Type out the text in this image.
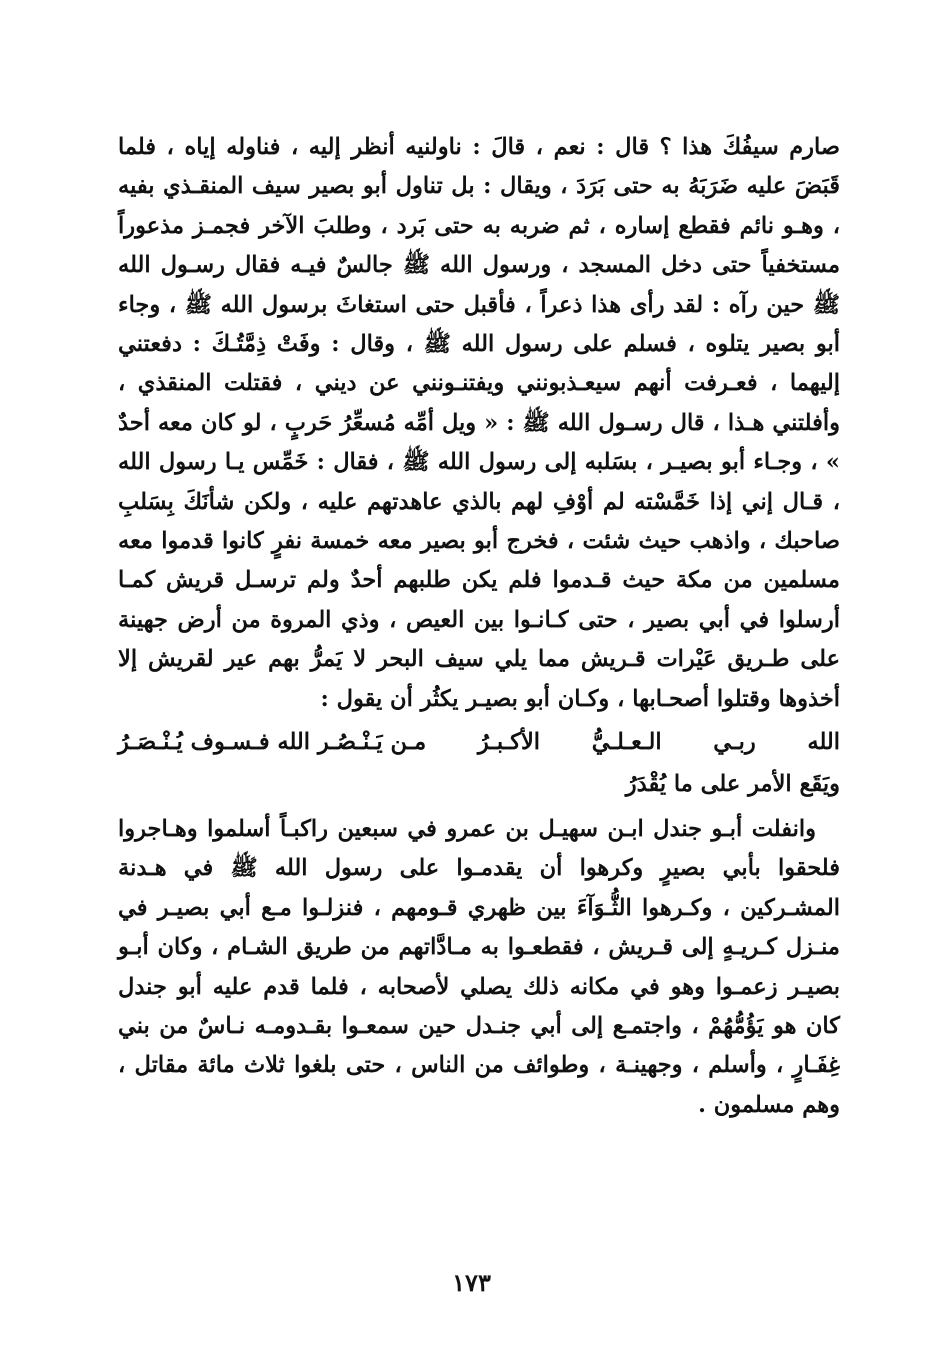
صارم سيفُكَ هذا ؟ قال : نعم ، قالَ : ناولنيه أنظر إليه ، فناوله إياه ، فلما قَبَضَ عليه ضَرَبَهُ به حتى بَرَدَ ، ويقال : بل تناول أبو بصير سيف المنقـذي بفيه ، وهـو نائم فقطع إساره ، ثم ضربه به حتى بَرد ، وطلبَ الآخر فجمـز مذعوراً مستخفياً حتى دخل المسجد ، ورسول الله ﷺ جالسٌ فيـه فقال رسـول الله ﷺ حين رآه : لقد رأى هذا ذعراً ، فأقبل حتى استغاثَ برسول الله ﷺ ، وجاء أبو بصير يتلوه ، فسلم على رسول الله ﷺ ، وقال : وفَتْ ذِمَّتُـكَ : دفعتني إليهما ، فعـرفت أنهم سيعـذبونني ويفتنـونني عن ديني ، فقتلت المنقذي ، وأفلتني هـذا ، قال رسـول الله ﷺ : « ويل أمِّه مُسعِّرُ حَربٍ ، لو كان معه أحدٌ » ، وجـاء أبو بصيـر ، بسَلبه إلى رسول الله ﷺ ، فقال : خَمِّس يـا رسول الله ، قـال إني إذا خَمَّسْته لم أوْفِ لهم بالذي عاهدتهم عليه ، ولكن شأنَكَ بِسَلبِ صاحبك ، واذهب حيث شئت ، فخرج أبو بصير معه خمسة نفرٍ كانوا قدموا معه مسلمين من مكة حيث قـدموا فلم يكن طلبهم أحدٌ ولم ترسـل قريش كمـا أرسلوا في أبي بصير ، حتى كـانـوا بين العيص ، وذي المروة من أرض جهينة على طـريق عَيْرات قـريش مما يلي سيف البحر لا يَمرُّ بهم عير لقريش إلا أخذوها وقتلوا أصحـابها ، وكـان أبو بصيـر يكثُر أن يقول :

الله
ربـي
الـعـلـيُّ
الأكـبـرُ
مـن يَـنْـصُـر الله فـسـوف يُـنْـصَـرُ
ويَقَع الأمر على ما يُقْدَرُ

وانفلت أبـو جندل ابـن سهيـل بن عمرو في سبعين راكبـاً أسلموا وهـاجروا فلحقوا بأبي بصيرٍ وكرهوا أن يقدمـوا على رسول الله ﷺ في هـدنة المشـركين ، وكـرهوا الثُّـوَآءَ بين ظهري قـومهم ، فنزلـوا مـع أبي بصيـر في منـزل كـريـهٍ إلى قـريش ، فقطعـوا به مـادَّاتهم من طريق الشـام ، وكان أبـو بصيـر زعمـوا وهو في مكانه ذلك يصلي لأصحابه ، فلما قدم عليه أبو جندل كان هو يَؤُمُّهُمْ ، واجتمـع إلى أبي جنـدل حين سمعـوا بقـدومـه نـاسٌ من بني غِفَـارٍ ، وأسلم ، وجهينـة ، وطوائف من الناس ، حتى بلغوا ثلاث مائة مقاتل ، وهم مسلمون .

١٧٣
